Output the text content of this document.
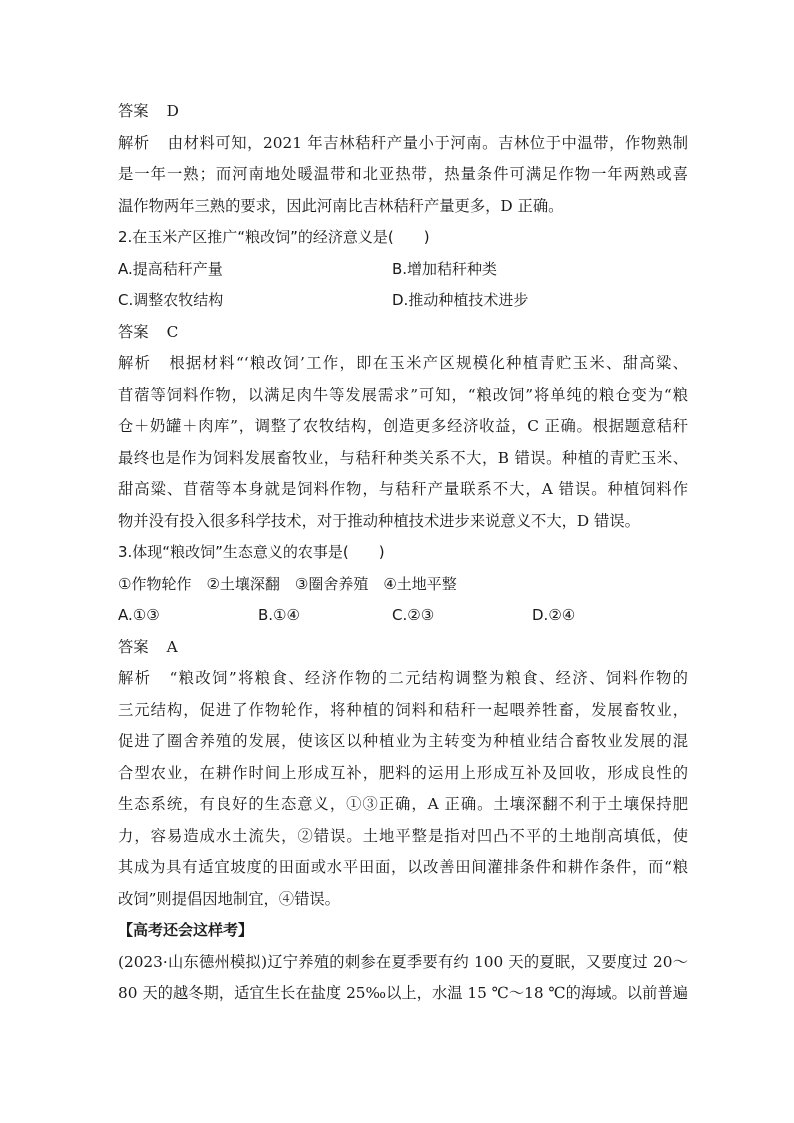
答案 D
解析 由材料可知，2021 年吉林秸秆产量小于河南。吉林位于中温带，作物熟制
是一年一熟；而河南地处暖温带和北亚热带，热量条件可满足作物一年两熟或喜
温作物两年三熟的要求，因此河南比吉林秸秆产量更多，D 正确。
2.在玉米产区推广“粮改饲”的经济意义是(　　)
A.提高秸秆产量	B.增加秸秆种类
C.调整农牧结构	D.推动种植技术进步
答案 C
解析 根据材料“‘粮改饲’工作，即在玉米产区规模化种植青贮玉米、甜高粱、
苜蓿等饲料作物，以满足肉牛等发展需求”可知，“粮改饲”将单纯的粮仓变为“粮
仓＋奶罐＋肉库”，调整了农牧结构，创造更多经济收益，C 正确。根据题意秸秆
最终也是作为饲料发展畜牧业，与秸秆种类关系不大，B 错误。种植的青贮玉米、
甜高粱、苜蓿等本身就是饲料作物，与秸秆产量联系不大，A 错误。种植饲料作
物并没有投入很多科学技术，对于推动种植技术进步来说意义不大，D 错误。
3.体现“粮改饲”生态意义的农事是(　　)
①作物轮作　②土壤深翻　③圈舍养殖　④土地平整
A.①③	B.①④	C.②③	D.②④
答案 A
解析 “粮改饲”将粮食、经济作物的二元结构调整为粮食、经济、饲料作物的
三元结构，促进了作物轮作，将种植的饲料和秸秆一起喂养牲畜，发展畜牧业，
促进了圈舍养殖的发展，使该区以种植业为主转变为种植业结合畜牧业发展的混
合型农业，在耕作时间上形成互补，肥料的运用上形成互补及回收，形成良性的
生态系统，有良好的生态意义，①③正确，A 正确。土壤深翻不利于土壤保持肥
力，容易造成水土流失，②错误。土地平整是指对凹凸不平的土地削高填低，使
其成为具有适宜坡度的田面或水平田面，以改善田间灌排条件和耕作条件，而“粮
改饲”则提倡因地制宜，④错误。
【高考还会这样考】
(2023·山东德州模拟)辽宁养殖的刺参在夏季要有约 100 天的夏眠，又要度过 20～
80 天的越冬期，适宜生长在盐度 25‰以上，水温 15 ℃～18 ℃的海域。以前普遍
